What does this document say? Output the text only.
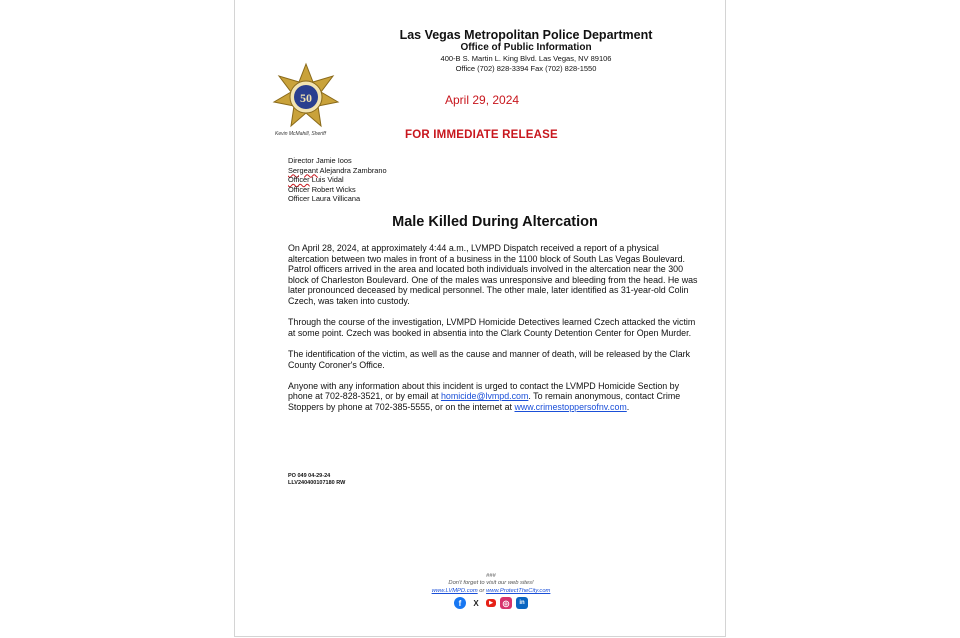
Las Vegas Metropolitan Police Department
Office of Public Information
400-B S. Martin L. King Blvd. Las Vegas, NV 89106
Office (702) 828-3394 Fax (702) 828-1550
50
Kevin McMahill, Sheriff
April 29, 2024
FOR IMMEDIATE RELEASE
Director Jamie Ioos
Sergeant Alejandra Zambrano
Officer Luis Vidal
Officer Robert Wicks
Officer Laura Villicana
Male Killed During Altercation

On April 28, 2024, at approximately 4:44 a.m., LVMPD Dispatch received a report of a physical altercation between two males in front of a business in the 1100 block of South Las Vegas Boulevard. Patrol officers arrived in the area and located both individuals involved in the altercation near the 300 block of Charleston Boulevard. One of the males was unresponsive and bleeding from the head. He was later pronounced deceased by medical personnel. The other male, later identified as 31-year-old Colin Czech, was taken into custody.

Through the course of the investigation, LVMPD Homicide Detectives learned Czech attacked the victim at some point. Czech was booked in absentia into the Clark County Detention Center for Open Murder.

The identification of the victim, as well as the cause and manner of death, will be released by the Clark County Coroner's Office.

Anyone with any information about this incident is urged to contact the LVMPD Homicide Section by phone at 702-828-3521, or by email at homicide@lvmpd.com. To remain anonymous, contact Crime Stoppers by phone at 702-385-5555, or on the internet at www.crimestoppersofnv.com.

PO 049 04-29-24
LLV240400107180 RW
###
Don't forget to visit our web sites!
www.LVMPD.com or www.ProtectTheCity.com
f	X	▶	◎	in
